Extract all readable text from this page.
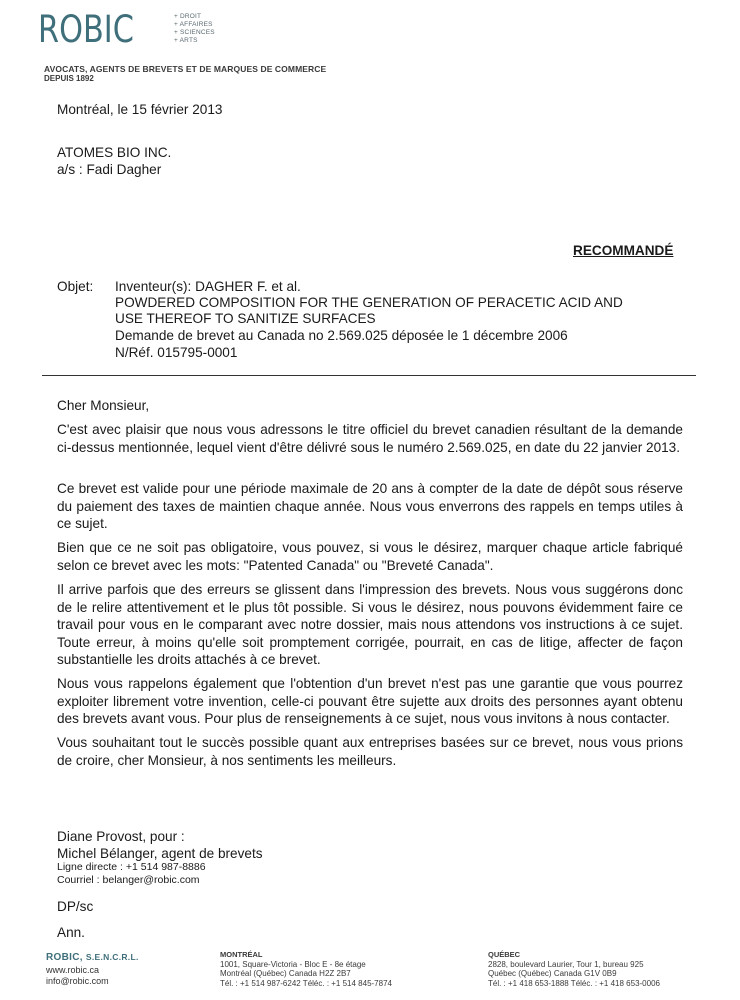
ROBIC	+ DROIT
+ AFFAIRES
+ SCIENCES
+ ARTS
AVOCATS, AGENTS DE BREVETS ET DE MARQUES DE COMMERCE
DEPUIS 1892
Montréal, le 15 février 2013
ATOMES BIO INC.
a/s : Fadi Dagher
RECOMMANDÉ
Objet: Inventeur(s): DAGHER F. et al.
POWDERED COMPOSITION FOR THE GENERATION OF PERACETIC ACID AND
USE THEREOF TO SANITIZE SURFACES
Demande de brevet au Canada no 2.569.025 déposée le 1 décembre 2006
N/Réf. 015795-0001
Cher Monsieur,
C'est avec plaisir que nous vous adressons le titre officiel du brevet canadien résultant de la demande ci-dessus mentionnée, lequel vient d'être délivré sous le numéro 2.569.025, en date du 22 janvier 2013.
Ce brevet est valide pour une période maximale de 20 ans à compter de la date de dépôt sous réserve du paiement des taxes de maintien chaque année. Nous vous enverrons des rappels en temps utiles à ce sujet.
Bien que ce ne soit pas obligatoire, vous pouvez, si vous le désirez, marquer chaque article fabriqué selon ce brevet avec les mots: "Patented Canada" ou "Breveté Canada".
Il arrive parfois que des erreurs se glissent dans l'impression des brevets. Nous vous suggérons donc de le relire attentivement et le plus tôt possible. Si vous le désirez, nous pouvons évidemment faire ce travail pour vous en le comparant avec notre dossier, mais nous attendons vos instructions à ce sujet. Toute erreur, à moins qu'elle soit promptement corrigée, pourrait, en cas de litige, affecter de façon substantielle les droits attachés à ce brevet.
Nous vous rappelons également que l'obtention d'un brevet n'est pas une garantie que vous pourrez exploiter librement votre invention, celle-ci pouvant être sujette aux droits des personnes ayant obtenu des brevets avant vous. Pour plus de renseignements à ce sujet, nous vous invitons à nous contacter.
Vous souhaitant tout le succès possible quant aux entreprises basées sur ce brevet, nous vous prions de croire, cher Monsieur, à nos sentiments les meilleurs.
Diane Provost, pour :
Michel Bélanger, agent de brevets
Ligne directe : +1 514 987-8886
Courriel : belanger@robic.com
DP/sc
Ann.
ROBIC, S.E.N.C.R.L.
www.robic.ca
info@robic.com
MONTRÉAL
1001, Square-Victoria - Bloc E - 8e étage
Montréal (Québec) Canada H2Z 2B7
Tél. : +1 514 987-6242 Téléc. : +1 514 845-7874
QUÉBEC
2828, boulevard Laurier, Tour 1, bureau 925
Québec (Québec) Canada G1V 0B9
Tél. : +1 418 653-1888 Téléc. : +1 418 653-0006
